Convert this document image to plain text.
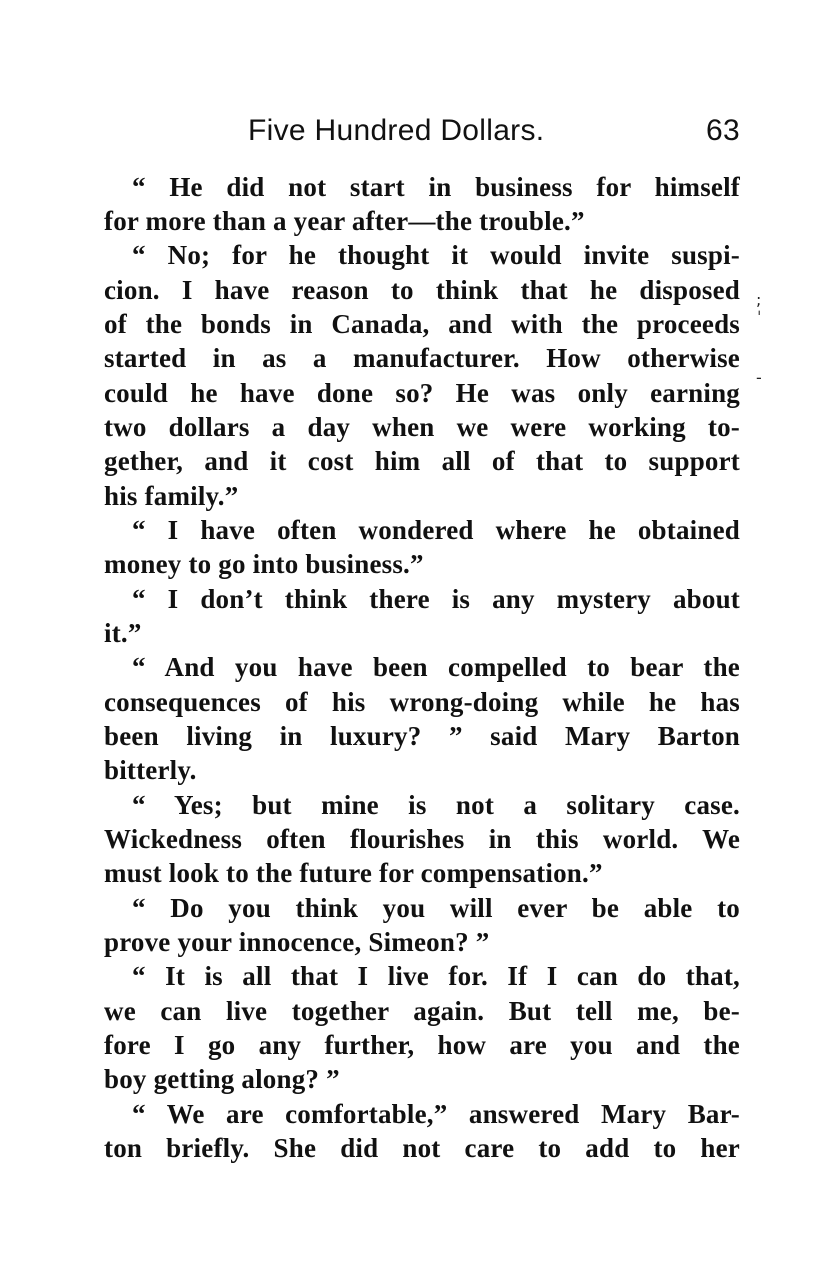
Five Hundred Dollars.	63
“ He did not start in business for himself
for more than a year after—the trouble.”
“ No; for he thought it would invite suspi-
cion. I have reason to think that he disposed
of the bonds in Canada, and with the proceeds
started in as a manufacturer. How otherwise
could he have done so? He was only earning
two dollars a day when we were working to-
gether, and it cost him all of that to support
his family.”
“ I have often wondered where he obtained
money to go into business.”
“ I don’t think there is any mystery about
it.”
“ And you have been compelled to bear the
consequences of his wrong-doing while he has
been living in luxury? ” said Mary Barton
bitterly.
“ Yes; but mine is not a solitary case.
Wickedness often flourishes in this world. We
must look to the future for compensation.”
“ Do you think you will ever be able to
prove your innocence, Simeon? ”
“ It is all that I live for. If I can do that,
we can live together again. But tell me, be-
fore I go any further, how are you and the
boy getting along? ”
“ We are comfortable,” answered Mary Bar-
ton briefly. She did not care to add to her
;
ˈ
-
